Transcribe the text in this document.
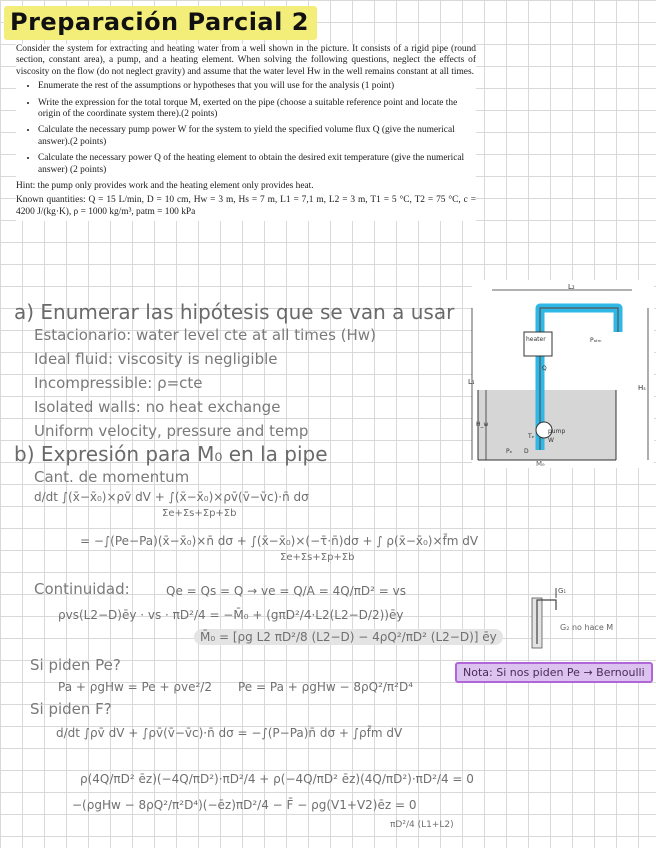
Preparación Parcial 2

Consider the system for extracting and heating water from a well shown in the picture. It consists of a rigid pipe (round section, constant area), a pump, and a heating element. When solving the following questions, neglect the effects of viscosity on the flow (do not neglect gravity) and assume that the water level Hw in the well remains constant at all times.

• Enumerate the rest of the assumptions or hypotheses that you will use for the analysis (1 point)
• Write the expression for the total torque M, exerted on the pipe (choose a suitable reference point and locate the origin of the coordinate system there).(2 points)
• Calculate the necessary pump power W for the system to yield the specified volume flux Q (give the numerical answer).(2 points)
• Calculate the necessary power Q of the heating element to obtain the desired exit temperature (give the numerical answer) (2 points)

Hint: the pump only provides work and the heating element only provides heat.

Known quantities: Q = 15 L/min, D = 10 cm, Hw = 3 m, Hs = 7 m, L1 = 7,1 m, L2 = 3 m, T1 = 5 °C, T2 = 75 °C, c = 4200 J/(kg·K), ρ = 1000 kg/m³, patm = 100 kPa

L₂
L₁
Hₛ
H_w
heater
Q
pump
W
Pₐₜₘ
Tₑ
Pₑ D
Mₑ
a) Enumerar las hipótesis que se van a usar
Estacionario: water level cte at all times (Hw)
Ideal fluid: viscosity is negligible
Incompressible: ρ=cte
Isolated walls: no heat exchange
Uniform velocity, pressure and temp
b) Expresión para M₀ en la pipe
Cant. de momentum
d/dt ∫(x̄−x̄₀)×ρv̄ dV + ∫(x̄−x̄₀)×ρv̄(v̄−v̄c)·n̄ dσ
Σe+Σs+Σp+Σb
= −∫(Pe−Pa)(x̄−x̄₀)×n̄ dσ + ∫(x̄−x̄₀)×(−τ̄·n̄)dσ + ∫ ρ(x̄−x̄₀)×f̄m dV
Σe+Σs+Σp+Σb
Continuidad:	Qe = Qs = Q → ve = Q/A = 4Q/πD² = vs
ρvs(L2−D)ēy · vs · πD²/4 = −M̄₀ + (gπD²/4·L2(L2−D/2))ēy
M̄₀ = [ρg L2 πD²/8 (L2−D) − 4ρQ²/πD² (L2−D)] ēy
G₁
G₂ no hace M
Nota: Si nos piden Pe → Bernoulli
Si piden Pe?
Pa + ρgHw = Pe + ρve²/2 Pe = Pa + ρgHw − 8ρQ²/π²D⁴
Si piden F?
d/dt ∫ρv̄ dV + ∫ρv̄(v̄−v̄c)·n̄ dσ = −∫(P−Pa)n̄ dσ + ∫ρf̄m dV
ρ(4Q/πD² ēz)(−4Q/πD²)·πD²/4 + ρ(−4Q/πD² ēz)(4Q/πD²)·πD²/4 = 0
−(ρgHw − 8ρQ²/π²D⁴)(−ēz)πD²/4 − F̄ − ρg(V1+V2)ēz = 0
πD²/4 (L1+L2)
